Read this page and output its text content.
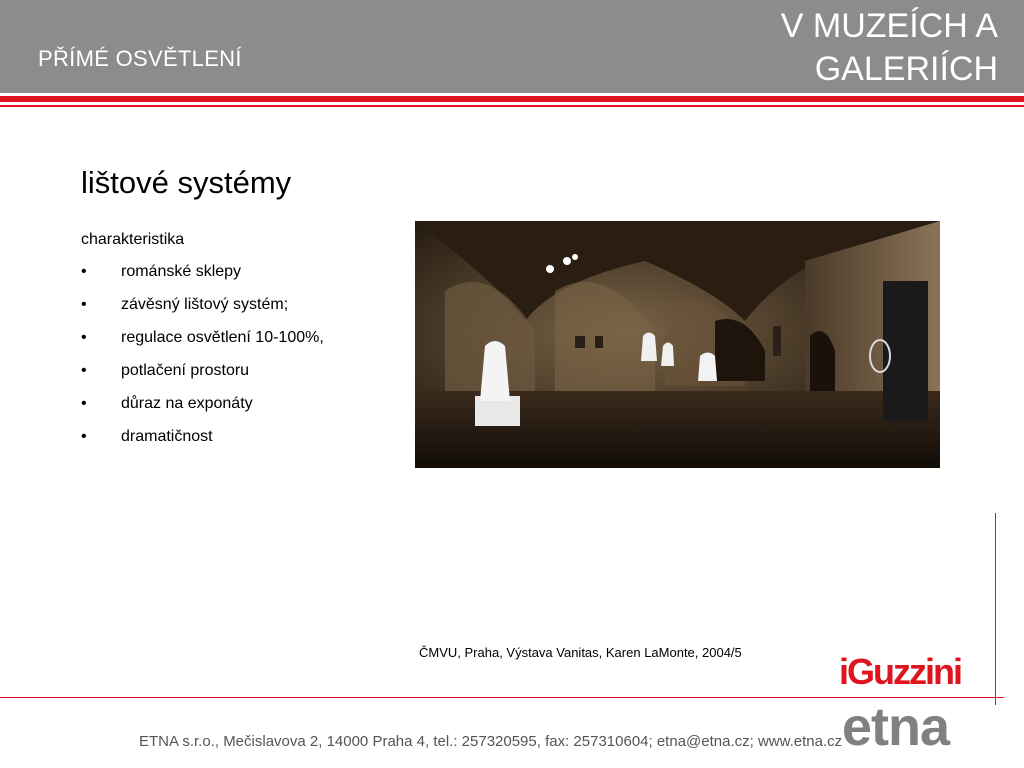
PŘÍMÉ OSVĚTLENÍ
V MUZEÍCH A
GALERIÍCH
lištové systémy
charakteristika
• románské sklepy
• závěsný lištový systém;
• regulace osvětlení 10-100%,
• potlačení prostoru
• důraz na exponáty
• dramatičnost
ČMVU, Praha, Výstava Vanitas, Karen LaMonte, 2004/5
ETNA s.r.o., Mečislavova 2, 14000 Praha 4, tel.: 257320595, fax: 257310604; etna@etna.cz; www.etna.cz
iGuzzini
etna
